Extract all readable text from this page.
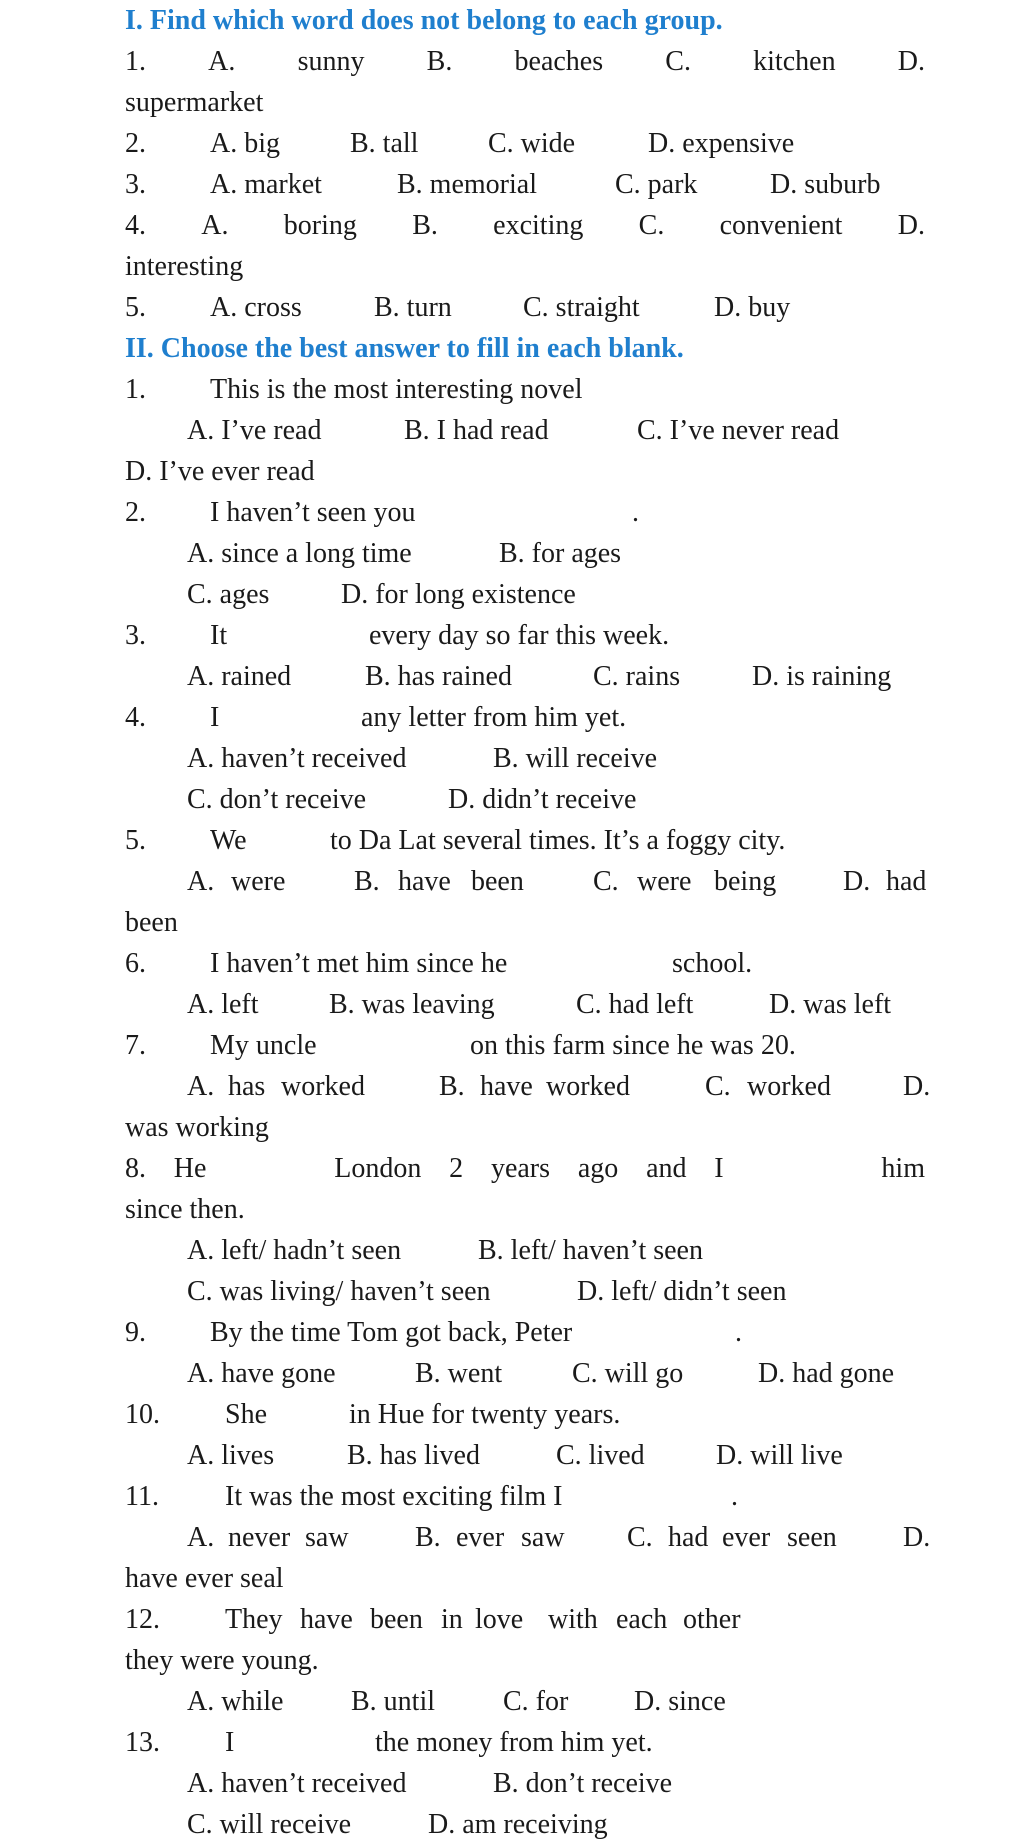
I. Find which word does not belong to each group.
1. A. sunny B. beaches C. kitchen D.
supermarket
2. A. big	B. tall C. wide	D. expensive
3. A. market	B. memorial	C. park	D. suburb
4. A. boring B. exciting C. convenient D.
interesting
5. A. cross	B. turn	C. straight	D. buy
II. Choose the best answer to fill in each blank.
1. This is the most interesting novel
A. I’ve read	B. I had read	C. I’ve never read
D. I’ve ever read
2. I haven’t seen you	.
A. since a long time	B. for ages
C. ages	D. for long existence
3. It	every day so far this week.
A. rained	B. has rained	C. rains	D. is raining
4. I	any letter from him yet.
A. haven’t received	B. will receive
C. don’t receive	D. didn’t receive
5. We	to Da Lat several times. It’s a foggy city.
A. were B. have been C. were being D. had
been
6. I haven’t met him since he	school.
A. left	B. was leaving	C. had left	D. was left
7. My uncle	on this farm since he was 20.
A. has worked	B. have worked	C. worked	D.
was working
8. He	London 2 years ago and I	him
since then.
A. left/ hadn’t seen	B. left/ haven’t seen
C. was living/ haven’t seen	D. left/ didn’t seen
9. By the time Tom got back, Peter	.
A. have gone	B. went C. will go	D. had gone
10. She	in Hue for twenty years.
A. lives	B. has lived	C. lived	D. will live
11. It was the most exciting film I	.
A. never saw B. ever saw C. had ever seen D.
have ever seal
12. They have been in love with each other
they were young.
A. while B. until C. for D. since
13. I	the money from him yet.
A. haven’t received	B. don’t receive
C. will receive	D. am receiving
